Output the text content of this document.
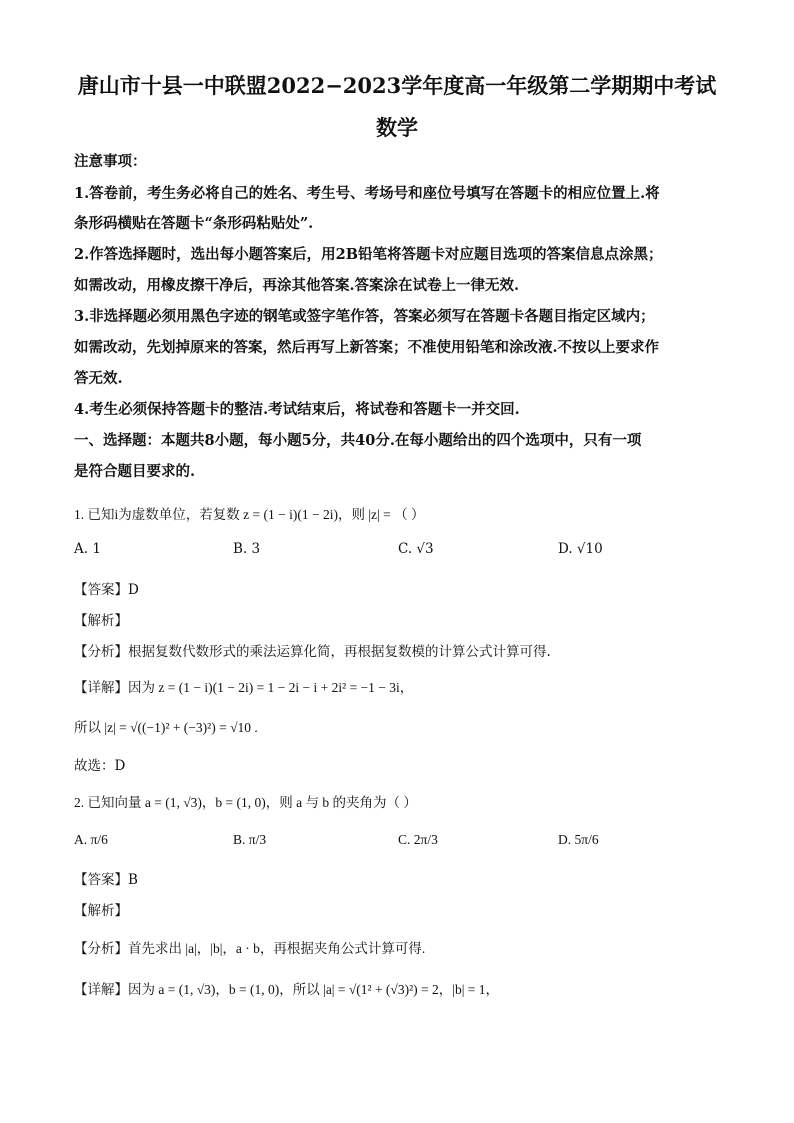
唐山市十县一中联盟2022−2023学年度高一年级第二学期期中考试
数学
注意事项：
1.答卷前，考生务必将自己的姓名、考生号、考场号和座位号填写在答题卡的相应位置上.将
条形码横贴在答题卡“条形码粘贴处”.
2.作答选择题时，选出每小题答案后，用2B铅笔将答题卡对应题目选项的答案信息点涂黑；
如需改动，用橡皮擦干净后，再涂其他答案.答案涂在试卷上一律无效.
3.非选择题必须用黑色字迹的钢笔或签字笔作答，答案必须写在答题卡各题目指定区域内；
如需改动，先划掉原来的答案，然后再写上新答案；不准使用铅笔和涂改液.不按以上要求作
答无效.
4.考生必须保持答题卡的整洁.考试结束后，将试卷和答题卡一并交回.
一、选择题：本题共8小题，每小题5分，共40分.在每小题给出的四个选项中，只有一项
是符合题目要求的.
1. 已知i为虚数单位，若复数 z = (1 − i)(1 − 2i)，则 |z| = （ ）
A. 1	B. 3	C. √3	D. √10
【答案】D
【解析】
【分析】根据复数代数形式的乘法运算化简，再根据复数模的计算公式计算可得.
【详解】因为 z = (1 − i)(1 − 2i) = 1 − 2i − i + 2i² = −1 − 3i，
所以 |z| = √((−1)² + (−3)²) = √10 .
故选：D
2. 已知向量 a = (1, √3)，b = (1, 0)，则 a 与 b 的夹角为（ ）
A. π/6	B. π/3	C. 2π/3	D. 5π/6
【答案】B
【解析】
【分析】首先求出 |a|，|b|，a · b，再根据夹角公式计算可得.
【详解】因为 a = (1, √3)，b = (1, 0)，所以 |a| = √(1² + (√3)²) = 2，|b| = 1，
